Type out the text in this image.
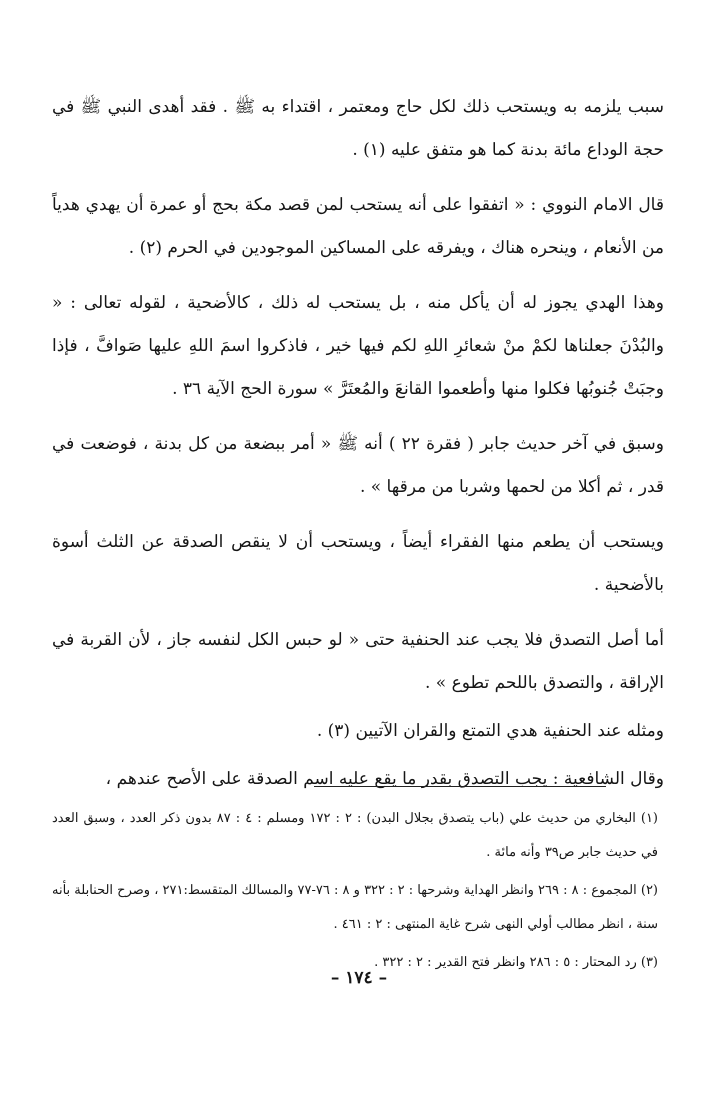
سبب يلزمه به ويستحب ذلك لكل حاج ومعتمر ، اقتداء به ﷺ . فقد أهدى النبي ﷺ في حجة الوداع مائة بدنة كما هو متفق عليه (١) .

قال الامام النووي : « اتفقوا على أنه يستحب لمن قصد مكة بحج أو عمرة أن يهدي هدياً من الأنعام ، وينحره هناك ، ويفرقه على المساكين الموجودين في الحرم (٢) .

وهذا الهدي يجوز له أن يأكل منه ، بل يستحب له ذلك ، كالأضحية ، لقوله تعالى : « والبُدْنَ جعلناها لكمْ منْ شعائرِ اللهِ لكم فيها خير ، فاذكروا اسمَ اللهِ عليها صَوافَّ ، فإذا وجبَتْ جُنوبُها فكلوا منها وأطعموا القانعَ والمُعتَرَّ » سورة الحج الآية ٣٦ .

وسبق في آخر حديث جابر ( فقرة ٢٢ ) أنه ﷺ « أمر ببضعة من كل بدنة ، فوضعت في قدر ، ثم أكلا من لحمها وشربا من مرقها » .

ويستحب أن يطعم منها الفقراء أيضاً ، ويستحب أن لا ينقص الصدقة عن الثلث أسوة بالأضحية .

أما أصل التصدق فلا يجب عند الحنفية حتى « لو حبس الكل لنفسه جاز ، لأن القربة في الإراقة ، والتصدق باللحم تطوع » .

ومثله عند الحنفية هدي التمتع والقران الآتيين (٣) .

وقال الشافعية : يجب التصدق بقدر ما يقع عليه اسم الصدقة على الأصح عندهم ،

(١) البخاري من حديث علي (باب يتصدق بجلال البدن) : ٢ : ١٧٢ ومسلم : ٤ : ٨٧ بدون ذكر العدد ، وسبق العدد في حديث جابر ص٣٩ وأنه مائة .

(٢) المجموع : ٨ : ٢٦٩ وانظر الهداية وشرحها : ٢ : ٣٢٢ و ٨ : ٧٦-٧٧ والمسالك المتقسط:٢٧١ ، وصرح الحنابلة بأنه سنة ، انظر مطالب أولي النهى شرح غاية المنتهى : ٢ : ٤٦١ .

(٣) رد المحتار : ٥ : ٢٨٦ وانظر فتح القدير : ٢ : ٣٢٢ .

– ١٧٤ –
